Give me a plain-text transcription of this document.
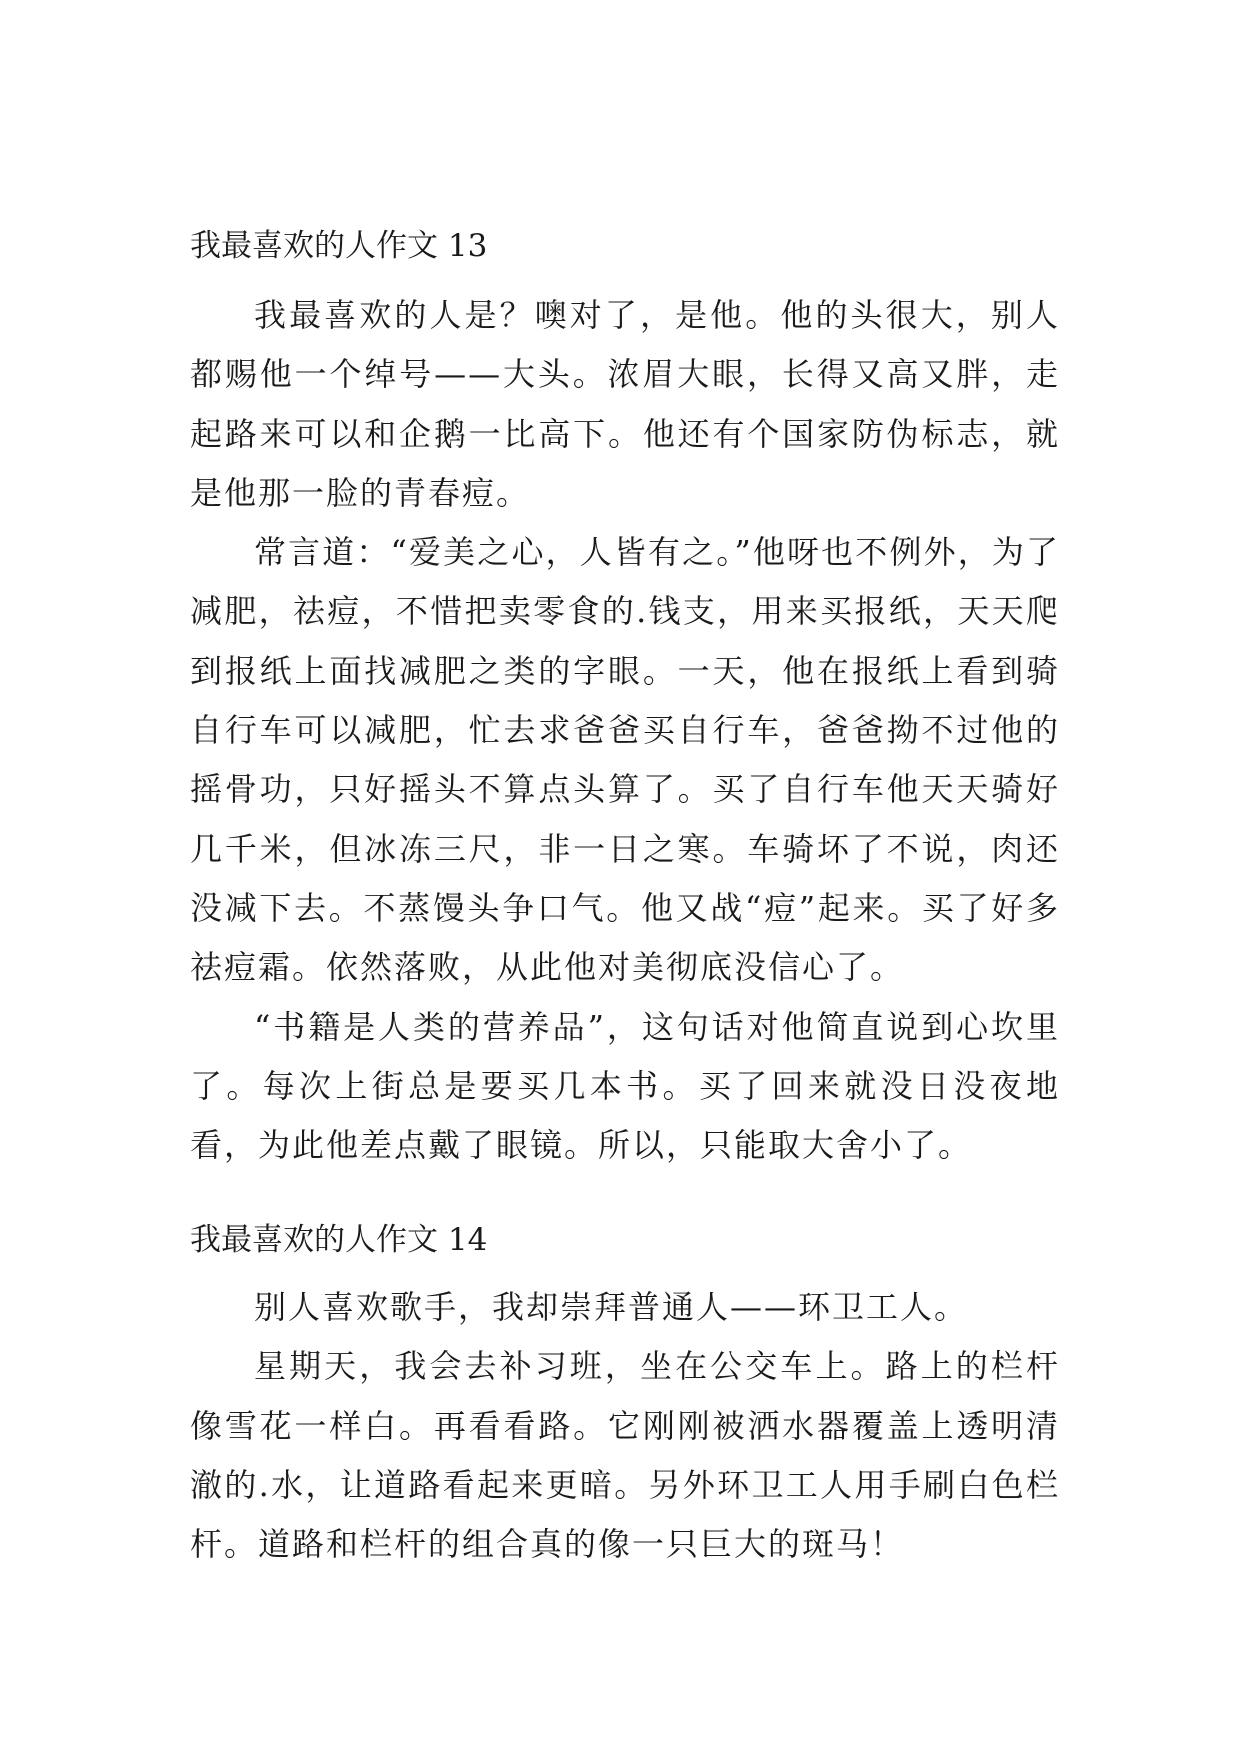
我最喜欢的人作文 13

我最喜欢的人是？噢对了，是他。他的头很大，别人都赐他一个绰号——大头。浓眉大眼，长得又高又胖，走起路来可以和企鹅一比高下。他还有个国家防伪标志，就是他那一脸的青春痘。

常言道：“爱美之心，人皆有之。”他呀也不例外，为了减肥，祛痘，不惜把卖零食的.钱支，用来买报纸，天天爬到报纸上面找减肥之类的字眼。一天，他在报纸上看到骑自行车可以减肥，忙去求爸爸买自行车，爸爸拗不过他的摇骨功，只好摇头不算点头算了。买了自行车他天天骑好几千米，但冰冻三尺，非一日之寒。车骑坏了不说，肉还没减下去。不蒸馒头争口气。他又战“痘”起来。买了好多祛痘霜。依然落败，从此他对美彻底没信心了。

“书籍是人类的营养品”，这句话对他简直说到心坎里了。每次上街总是要买几本书。买了回来就没日没夜地看，为此他差点戴了眼镜。所以，只能取大舍小了。

我最喜欢的人作文 14

别人喜欢歌手，我却崇拜普通人——环卫工人。

星期天，我会去补习班，坐在公交车上。路上的栏杆像雪花一样白。再看看路。它刚刚被洒水器覆盖上透明清澈的.水，让道路看起来更暗。另外环卫工人用手刷白色栏杆。道路和栏杆的组合真的像一只巨大的斑马！
